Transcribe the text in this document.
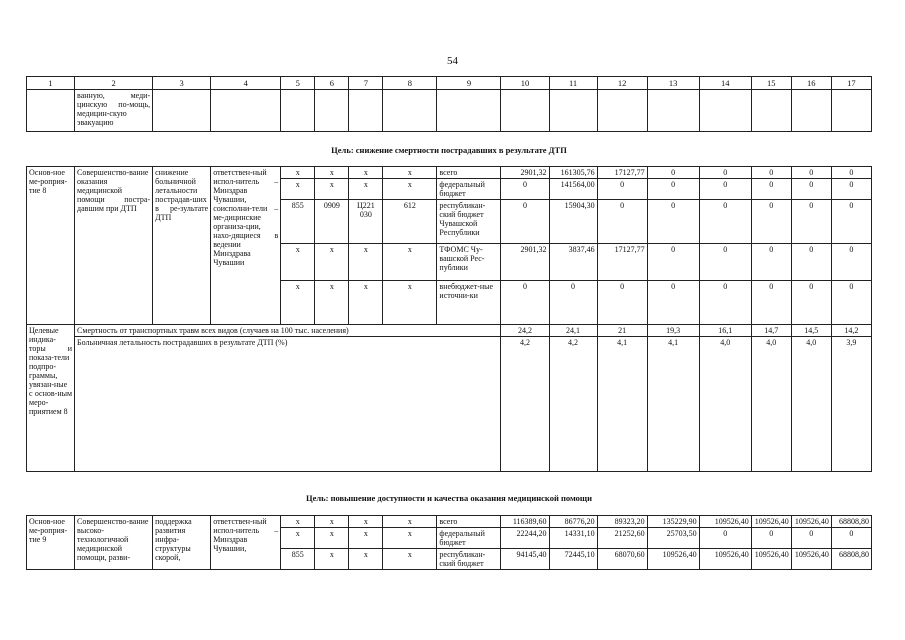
54
1	2	3	4	5	6	7	8	9	10	11	12	13	14	15	16	17
	ванную, меди-цинскую по-мощь, медицин-скую эвакуацию															
Цель: снижение смертности пострадавших в результате ДТП
Основ-ное ме-роприя-тие 8	Совершенство-вание оказания медицинской помощи постра-давшим при ДТП	снижение больничной летальности пострадав-ших в ре-зультате ДТП	ответствен-ный испол-нитель – Минздрав Чувашии, соисполни-тели – ме-дицинские организа-ции, нахо-дящиеся в ведении Минздрава Чувашии	x	x	x	x	всего	2901,32	161305,76	17127,77	0	0	0	0	0
				x	x	x	x	федеральный бюджет	0	141564,00	0	0	0	0	0	0
				855	0909	Ц221 030	612	республикан-ский бюджет Чувашской Республики	0	15904,30	0	0	0	0	0	0
				x	x	x	x	ТФОМС Чу-вашской Рес-публики	2901,32	3837,46	17127,77	0	0	0	0	0
				x	x	x	x	внебюджет-ные источни-ки	0	0	0	0	0	0	0	0
Целевые индика-торы и показа-тели подпро-граммы, увязан-ные с основ-ным меро-приятием 8	Смертность от транспортных травм всех видов (случаев на 100 тыс. населения)								24,2	24,1	21	19,3	16,1	14,7	14,5	14,2
	Больничная летальность пострадавших в результате ДТП (%)								4,2	4,2	4,1	4,1	4,0	4,0	4,0	3,9
Цель: повышение доступности и качества оказания медицинской помощи
Основ-ное ме-роприя-тие 9	Совершенство-вание высоко-технологичной медицинской помощи, разви-	поддержка развития инфра-структуры скорой,	ответствен-ный испол-нитель – Минздрав Чувашии,	x	x	x	x	всего	116389,60	86776,20	89323,20	135229,90	109526,40	109526,40	109526,40	68808,80
				x	x	x	x	федеральный бюджет	22244,20	14331,10	21252,60	25703,50	0	0	0	0
				855	x	x	x	республикан-ский бюджет	94145,40	72445,10	68070,60	109526,40	109526,40	109526,40	109526,40	68808,80
